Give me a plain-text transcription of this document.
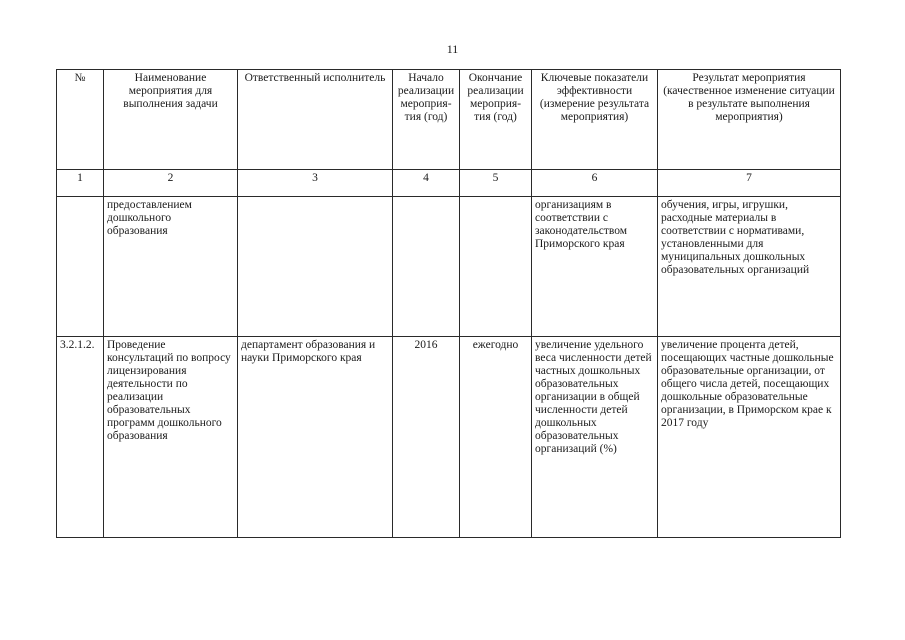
11
№	Наименование мероприятия для выполнения задачи	Ответственный исполнитель	Начало реализации мероприя-тия (год)	Окончание реализации мероприя-тия (год)	Ключевые показатели эффективности (измерение результата мероприятия)	Результат мероприятия (качественное изменение ситуации в результате выполнения мероприятия)
1	2	3	4	5	6	7
	предоставлением дошкольного образования				организациям в соответствии с законодательством Приморского края	обучения, игры, игрушки, расходные материалы в соответствии с нормативами, установленными для муниципальных дошкольных образовательных организаций
3.2.1.2.	Проведение консультаций по вопросу лицензирования деятельности по реализации образовательных программ дошкольного образования	департамент образования и науки Приморского края	2016	ежегодно	увеличение удельного веса численности детей частных дошкольных образовательных организации в общей численности детей дошкольных образовательных организаций (%)	увеличение процента детей, посещающих частные дошкольные образовательные организации, от общего числа детей, посещающих дошкольные образовательные организации, в Приморском крае к 2017 году
